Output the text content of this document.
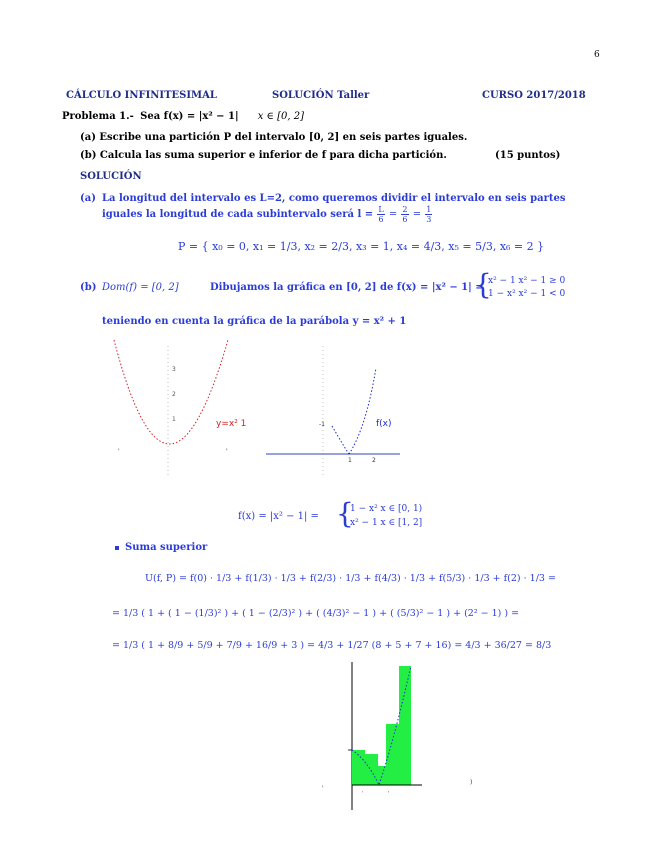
6
CÁLCULO INFINITESIMAL	SOLUCIÓN Taller	CURSO 2017/2018
Problema 1.- Sea f(x) = |x² − 1| x ∈ [0, 2]
(a) Escribe una partición P del intervalo [0, 2] en seis partes iguales.
(b) Calcula las suma superior e inferior de f para dicha partición.	(15 puntos)
SOLUCIÓN
(a) La longitud del intervalo es L=2, como queremos dividir el intervalo en seis partes
iguales la longitud de cada subintervalo será $l = \frac{L}{6} = \frac{2}{6} = \frac{1}{3}$
P = { x₀ = 0, x₁ = 1/3, x₂ = 2/3, x₃ = 1, x₄ = 4/3, x₅ = 5/3, x₆ = 2 }
(b) Dom(f) = [0, 2]	Dibujamos la gráfica en [0, 2] de f(x) = |x² − 1| =
{
x² − 1 x² − 1 ≥ 0
1 − x² x² − 1 < 0
teniendo en cuenta la gráfica de la parábola y = x² + 1
3
2
1	y=x² 1
'	'
-1
1	2
f(x)
f(x) = |x² − 1| = {
1 − x² x ∈ [0, 1)
x² − 1 x ∈ [1, 2]
Suma superior
U(f, P) = f(0) · 1/3 + f(1/3) · 1/3 + f(2/3) · 1/3 + f(4/3) · 1/3 + f(5/3) · 1/3 + f(2) · 1/3 =
= 1/3 ( 1 + ( 1 − (1/3)² ) + ( 1 − (2/3)² ) + ( (4/3)² − 1 ) + ( (5/3)² − 1 ) + (2² − 1) ) =
= 1/3 ( 1 + 8/9 + 5/9 + 7/9 + 16/9 + 3 ) = 4/3 + 1/27 (8 + 5 + 7 + 16) = 4/3 + 36/27 = 8/3
'
)
'	'
